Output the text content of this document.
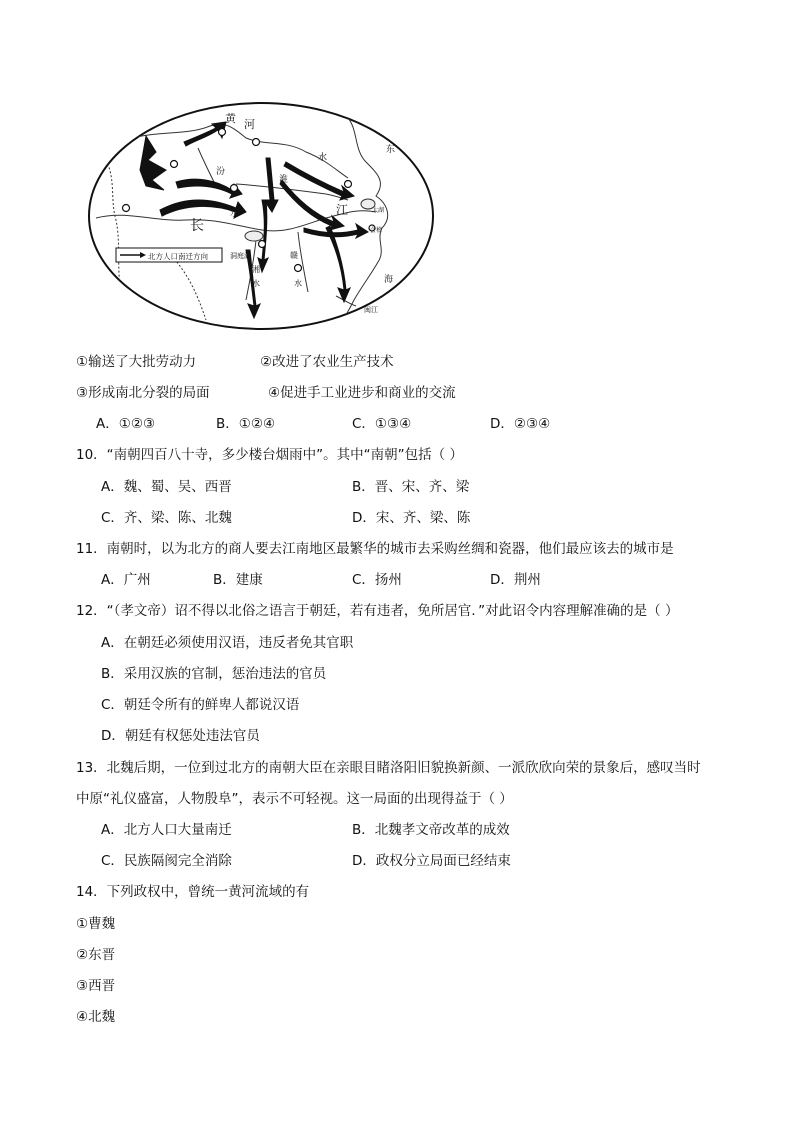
黄 河
汾
水
淮
水	江
长
洞庭湖
湘
水
赣
水
太湖
会稽
东
海
闽江
北方人口南迁方向
①输送了大批劳动力	②改进了农业生产技术
③形成南北分裂的局面	④促进手工业进步和商业的交流
A．①②③	B．①②④	C．①③④	D．②③④
10．“南朝四百八十寺，多少楼台烟雨中”。其中“南朝”包括（ ）
A．魏、蜀、吴、西晋	B．晋、宋、齐、梁
C．齐、梁、陈、北魏	D．宋、齐、梁、陈
11．南朝时，以为北方的商人要去江南地区最繁华的城市去采购丝绸和瓷器，他们最应该去的城市是
A．广州	B．建康	C．扬州	D．荆州
12．“（孝文帝）诏不得以北俗之语言于朝廷，若有违者，免所居官．”对此诏令内容理解准确的是（ ）
A．在朝廷必须使用汉语，违反者免其官职
B．采用汉族的官制，惩治违法的官员
C．朝廷令所有的鲜卑人都说汉语
D．朝廷有权惩处违法官员
13．北魏后期，一位到过北方的南朝大臣在亲眼目睹洛阳旧貌换新颜、一派欣欣向荣的景象后，感叹当时
中原“礼仪盛富，人物殷阜”，表示不可轻视。这一局面的出现得益于（ ）
A．北方人口大量南迁	B．北魏孝文帝改革的成效
C．民族隔阂完全消除	D．政权分立局面已经结束
14．下列政权中，曾统一黄河流域的有
①曹魏
②东晋
③西晋
④北魏
